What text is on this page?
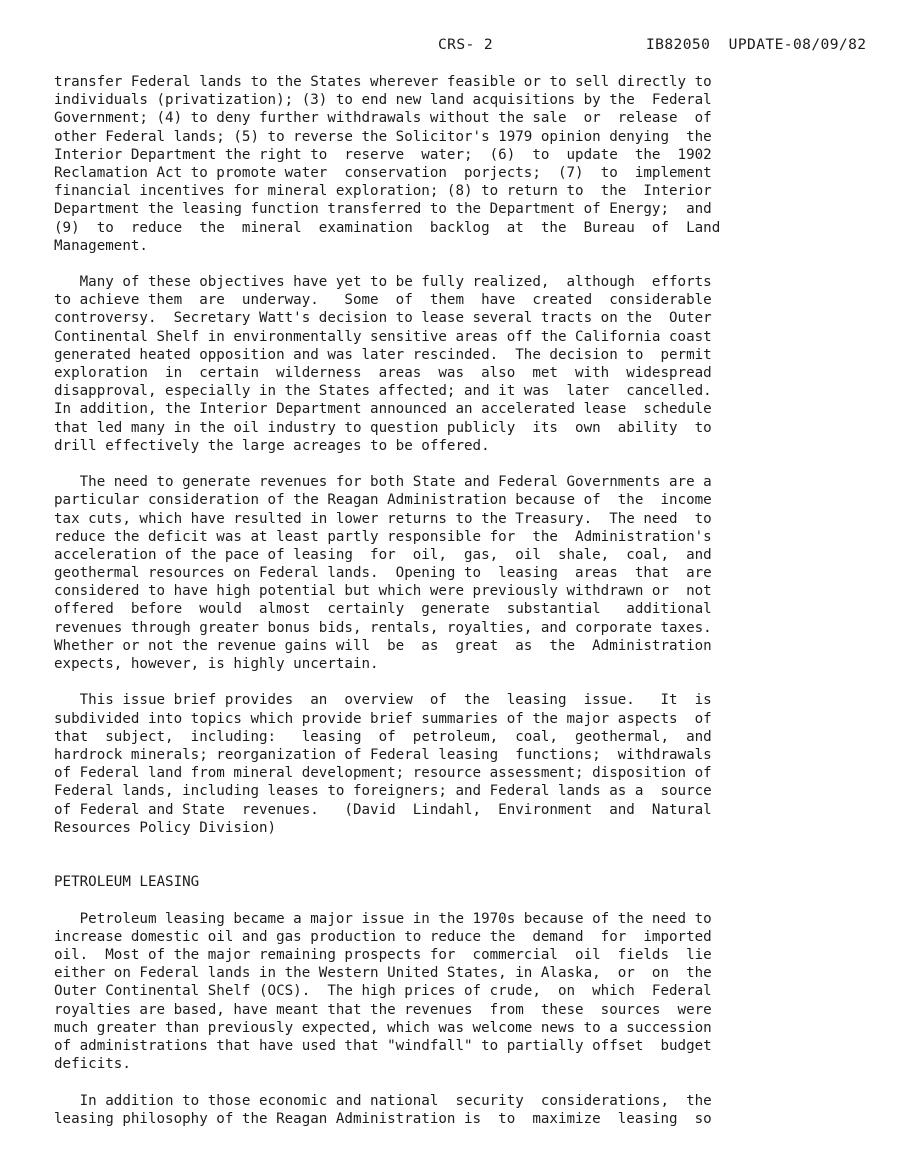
CRS- 2	IB82050  UPDATE-08/09/82
transfer Federal lands to the States wherever feasible or to sell directly to
individuals (privatization); (3) to end new land acquisitions by the  Federal
Government; (4) to deny further withdrawals without the sale  or  release  of
other Federal lands; (5) to reverse the Solicitor's 1979 opinion denying  the
Interior Department the right to  reserve  water;  (6)  to  update  the  1902
Reclamation Act to promote water  conservation  porjects;  (7)  to  implement
financial incentives for mineral exploration; (8) to return to  the  Interior
Department the leasing function transferred to the Department of Energy;  and
(9)  to  reduce  the  mineral  examination  backlog  at  the  Bureau  of  Land
Management.
Many of these objectives have yet to be fully realized,  although  efforts
to achieve them  are  underway.   Some  of  them  have  created  considerable
controversy.  Secretary Watt's decision to lease several tracts on the  Outer
Continental Shelf in environmentally sensitive areas off the California coast
generated heated opposition and was later rescinded.  The decision to  permit
exploration  in  certain  wilderness  areas  was  also  met  with  widespread
disapproval, especially in the States affected; and it was  later  cancelled.
In addition, the Interior Department announced an accelerated lease  schedule
that led many in the oil industry to question publicly  its  own  ability  to
drill effectively the large acreages to be offered.
The need to generate revenues for both State and Federal Governments are a
particular consideration of the Reagan Administration because of  the  income
tax cuts, which have resulted in lower returns to the Treasury.  The need  to
reduce the deficit was at least partly responsible for  the  Administration's
acceleration of the pace of leasing  for  oil,  gas,  oil  shale,  coal,  and
geothermal resources on Federal lands.  Opening to  leasing  areas  that  are
considered to have high potential but which were previously withdrawn or  not
offered  before  would  almost  certainly  generate  substantial   additional
revenues through greater bonus bids, rentals, royalties, and corporate taxes.
Whether or not the revenue gains will  be  as  great  as  the  Administration
expects, however, is highly uncertain.
This issue brief provides  an  overview  of  the  leasing  issue.   It  is
subdivided into topics which provide brief summaries of the major aspects  of
that  subject,  including:   leasing  of  petroleum,  coal,  geothermal,  and
hardrock minerals; reorganization of Federal leasing  functions;  withdrawals
of Federal land from mineral development; resource assessment; disposition of
Federal lands, including leases to foreigners; and Federal lands as a  source
of Federal and State  revenues.   (David  Lindahl,  Environment  and  Natural
Resources Policy Division)
PETROLEUM LEASING
Petroleum leasing became a major issue in the 1970s because of the need to
increase domestic oil and gas production to reduce the  demand  for  imported
oil.  Most of the major remaining prospects for  commercial  oil  fields  lie
either on Federal lands in the Western United States, in Alaska,  or  on  the
Outer Continental Shelf (OCS).  The high prices of crude,  on  which  Federal
royalties are based, have meant that the revenues  from  these  sources  were
much greater than previously expected, which was welcome news to a succession
of administrations that have used that "windfall" to partially offset  budget
deficits.
In addition to those economic and national  security  considerations,  the
leasing philosophy of the Reagan Administration is  to  maximize  leasing  so
